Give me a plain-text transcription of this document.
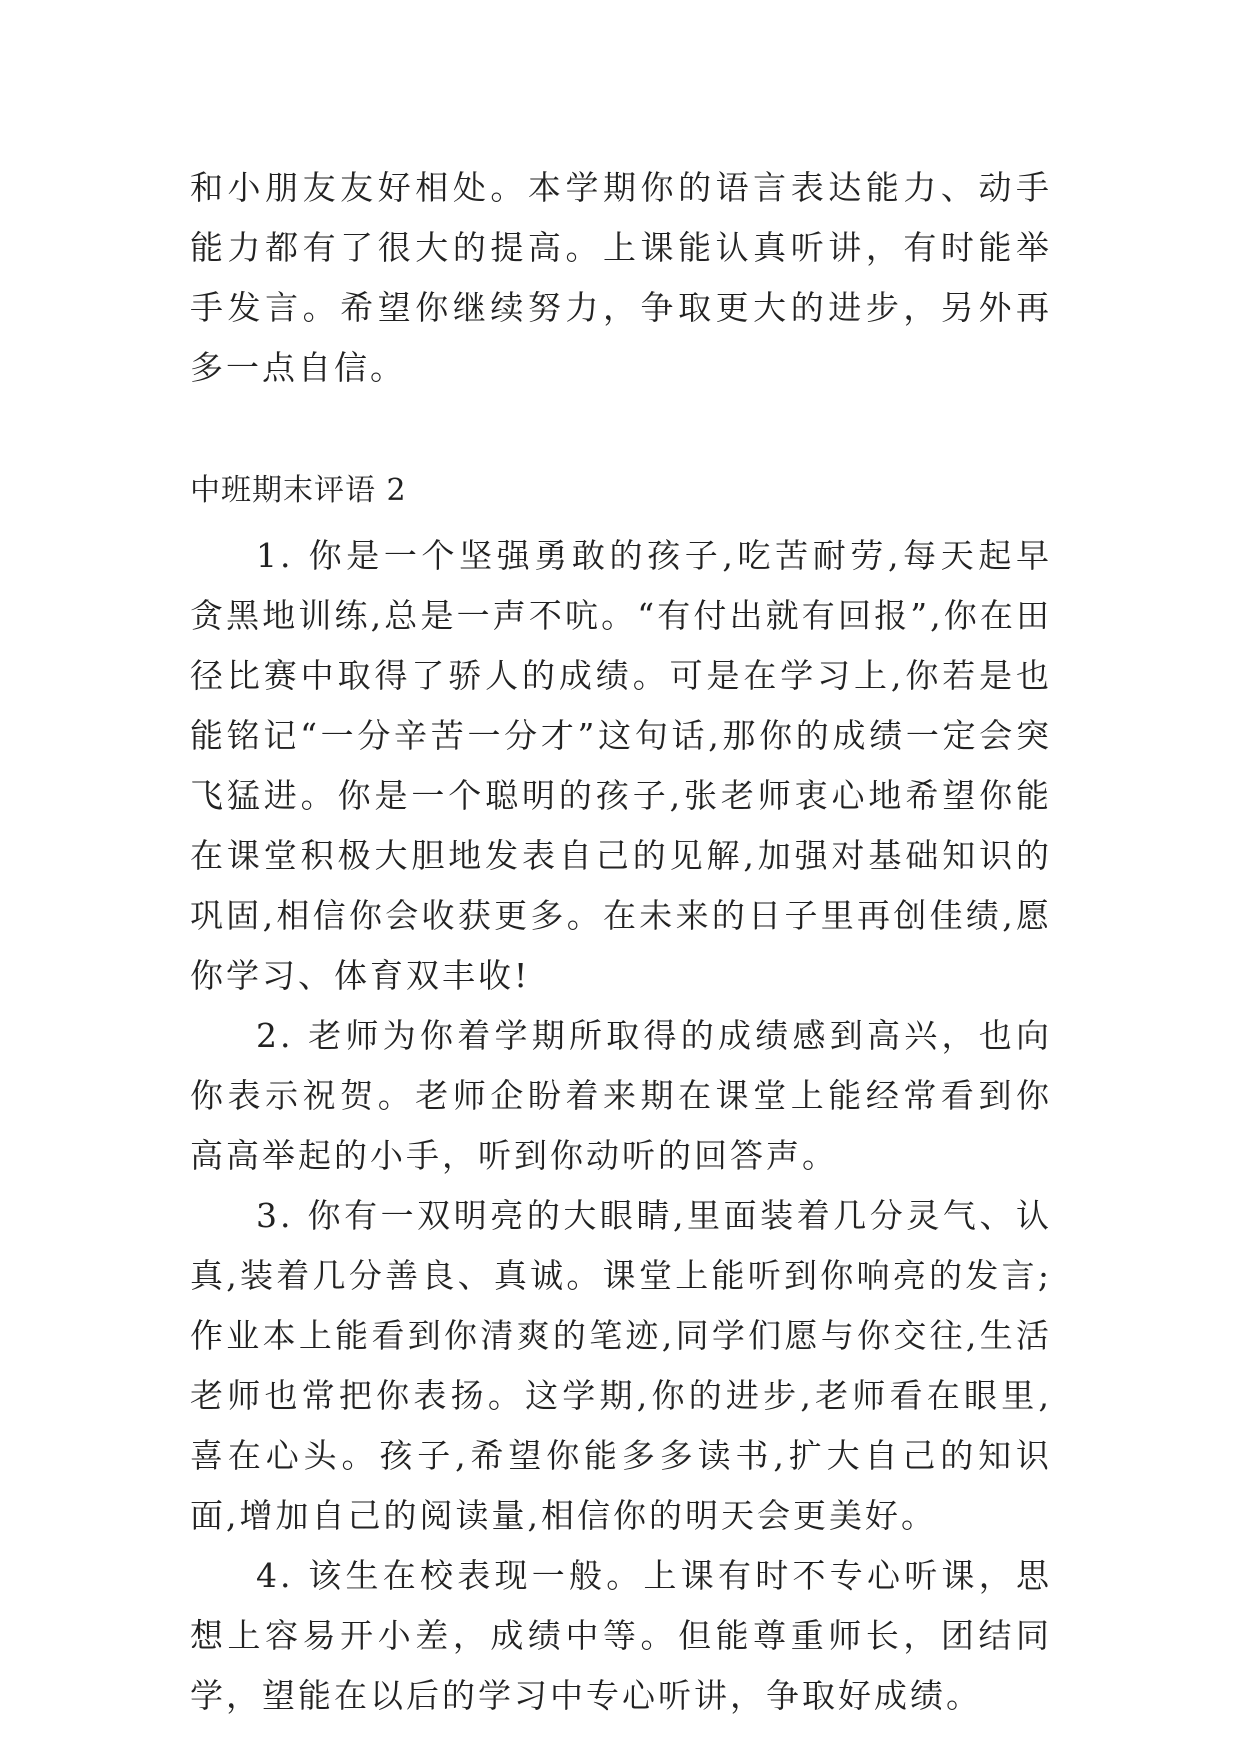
和小朋友友好相处。本学期你的语言表达能力、动手能力都有了很大的提高。上课能认真听讲，有时能举手发言。希望你继续努力，争取更大的进步，另外再多一点自信。

中班期末评语 2

1. 你是一个坚强勇敢的孩子,吃苦耐劳,每天起早贪黑地训练,总是一声不吭。“有付出就有回报”,你在田径比赛中取得了骄人的成绩。可是在学习上,你若是也能铭记“一分辛苦一分才”这句话,那你的成绩一定会突飞猛进。你是一个聪明的孩子,张老师衷心地希望你能在课堂积极大胆地发表自己的见解,加强对基础知识的巩固,相信你会收获更多。在未来的日子里再创佳绩,愿你学习、体育双丰收!

2. 老师为你着学期所取得的成绩感到高兴，也向你表示祝贺。老师企盼着来期在课堂上能经常看到你高高举起的小手，听到你动听的回答声。

3. 你有一双明亮的大眼睛,里面装着几分灵气、认真,装着几分善良、真诚。课堂上能听到你响亮的发言;作业本上能看到你清爽的笔迹,同学们愿与你交往,生活老师也常把你表扬。这学期,你的进步,老师看在眼里,喜在心头。孩子,希望你能多多读书,扩大自己的知识面,增加自己的阅读量,相信你的明天会更美好。

4. 该生在校表现一般。上课有时不专心听课，思想上容易开小差，成绩中等。但能尊重师长，团结同学，望能在以后的学习中专心听讲，争取好成绩。
